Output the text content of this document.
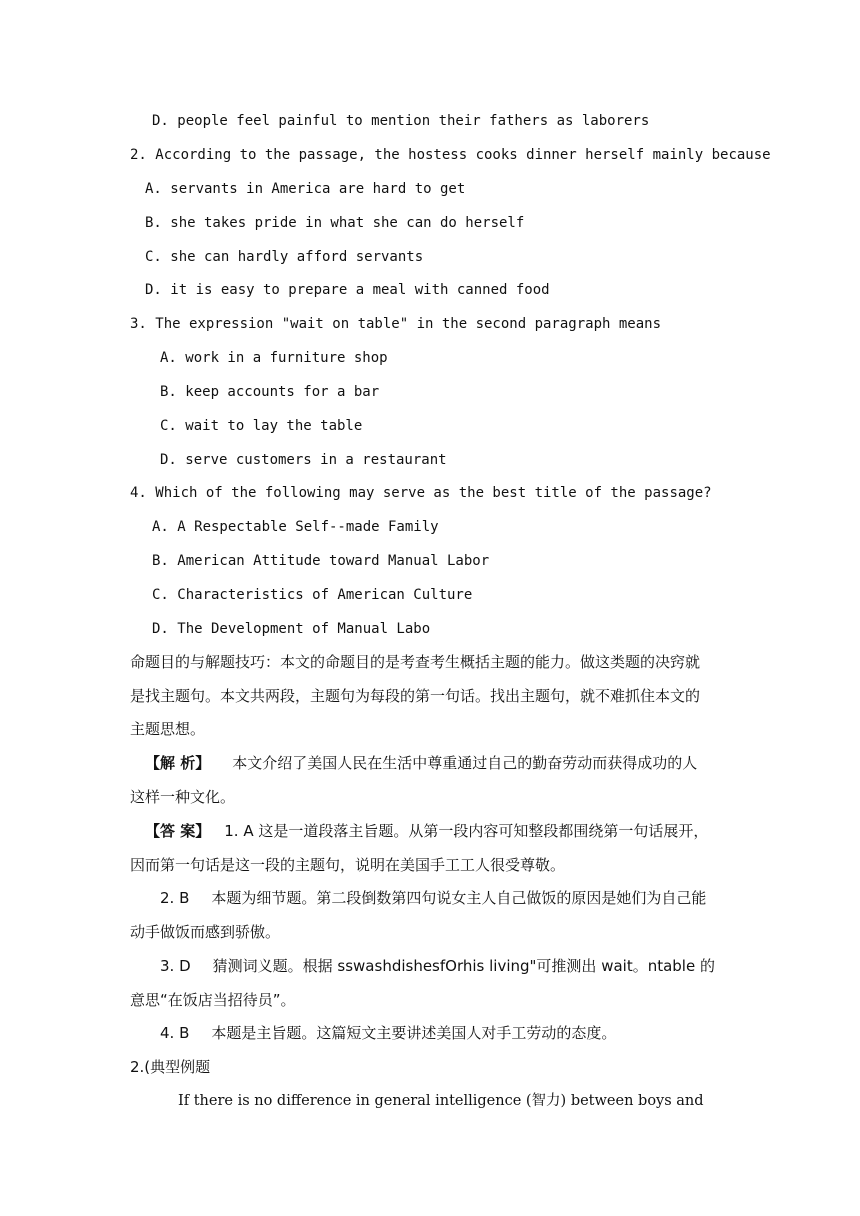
D. people feel painful to mention their fathers as laborers
2. According to the passage, the hostess cooks dinner herself mainly because
A. servants in America are hard to get
B. she takes pride in what she can do herself
C. she can hardly afford servants
D. it is easy to prepare a meal with canned food
3. The expression "wait on table" in the second paragraph means
A. work in a furniture shop
B. keep accounts for a bar
C. wait to lay the table
D. serve customers in a restaurant
4. Which of the following may serve as the best title of the passage?
A. A Respectable Self--made Family
B. American Attitude toward Manual Labor
C. Characteristics of American Culture
D. The Development of Manual Labo
命题目的与解题技巧：本文的命题目的是考查考生概括主题的能力。做这类题的决窍就
是找主题句。本文共两段，主题句为每段的第一句话。找出主题句，就不难抓住本文的
主题思想。
【解 析】 本文介绍了美国人民在生活中尊重通过自己的勤奋劳动而获得成功的人
这样一种文化。
【答 案】 1. A 这是一道段落主旨题。从第一段内容可知整段都围绕第一句话展开，
因而第一句话是这一段的主题句，说明在美国手工工人很受尊敬。
2. B 本题为细节题。第二段倒数第四句说女主人自己做饭的原因是她们为自己能
动手做饭而感到骄傲。
3. D 猜测词义题。根据 sswashdishesfOrhis living"可推测出 wait。ntable 的
意思“在饭店当招待员”。
4. B 本题是主旨题。这篇短文主要讲述美国人对手工劳动的态度。
2.(典型例题
If there is no difference in general intelligence (智力) between boys and
